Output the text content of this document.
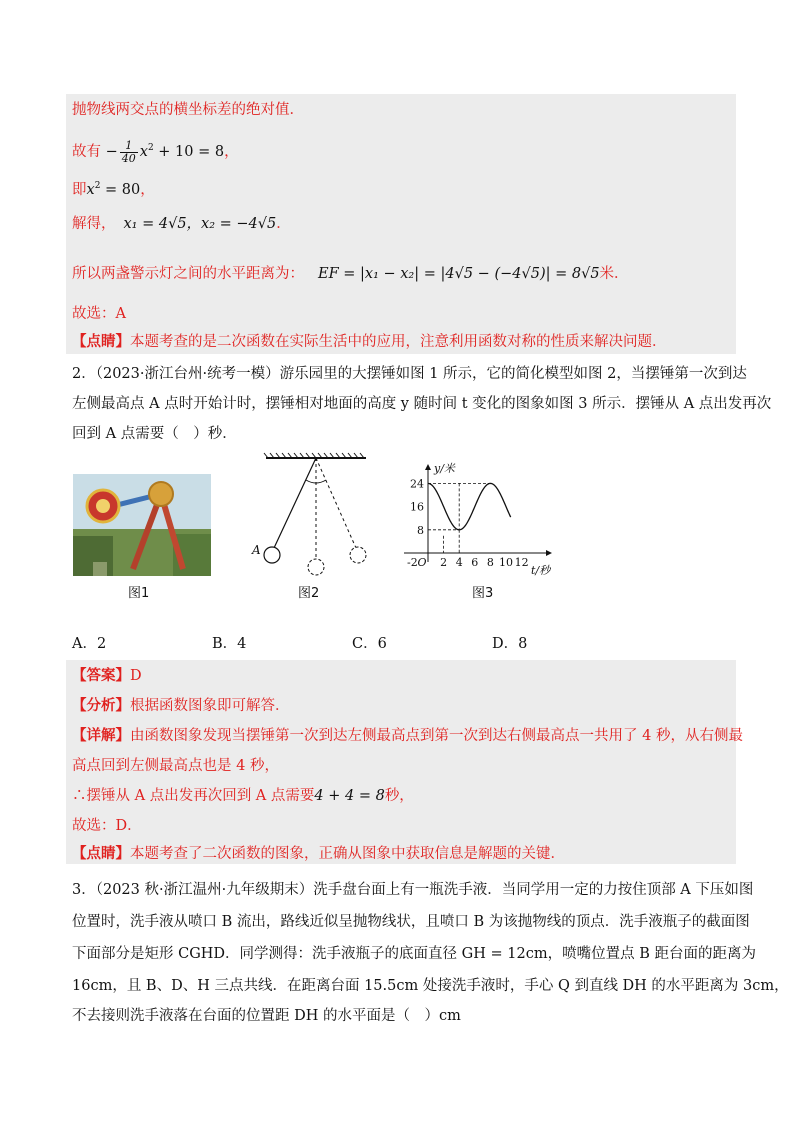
抛物线两交点的横坐标差的绝对值．
故有 − $\frac{1}{40} x^2 + 10 = 8$，
即$x^2 = 80$，
解得， x₁ = 4√5，x₂ = −4√5．
所以两盏警示灯之间的水平距离为： EF = |x₁ − x₂| = |4√5 − (−4√5)| = 8√5米．
故选：A
【点睛】本题考查的是二次函数在实际生活中的应用，注意利用函数对称的性质来解决问题．
2．（2023·浙江台州·统考一模）游乐园里的大摆锤如图 1 所示，它的简化模型如图 2，当摆锤第一次到达
左侧最高点 A 点时开始计时，摆锤相对地面的高度 y 随时间 t 变化的图象如图 3 所示．摆锤从 A 点出发再次
回到 A 点需要（　）秒．
图1
A
图2
24
16
8
-2 O 2 4 6 8 10 12
y/米
t/秒
图3
A．2	B．4	C．6	D．8
【答案】D
【分析】根据函数图象即可解答．
【详解】由函数图象发现当摆锤第一次到达左侧最高点到第一次到达右侧最高点一共用了 4 秒，从右侧最
高点回到左侧最高点也是 4 秒，
∴摆锤从 A 点出发再次回到 A 点需要4 + 4 = 8秒，
故选：D．
【点睛】本题考查了二次函数的图象，正确从图象中获取信息是解题的关键．
3．（2023 秋·浙江温州·九年级期末）洗手盘台面上有一瓶洗手液．当同学用一定的力按住顶部 A 下压如图
位置时，洗手液从喷口 B 流出，路线近似呈抛物线状，且喷口 B 为该抛物线的顶点．洗手液瓶子的截面图
下面部分是矩形 CGHD．同学测得：洗手液瓶子的底面直径 GH = 12cm，喷嘴位置点 B 距台面的距离为
16cm，且 B、D、H 三点共线．在距离台面 15.5cm 处接洗手液时，手心 Q 到直线 DH 的水平距离为 3cm，
不去接则洗手液落在台面的位置距 DH 的水平面是（　）cm
